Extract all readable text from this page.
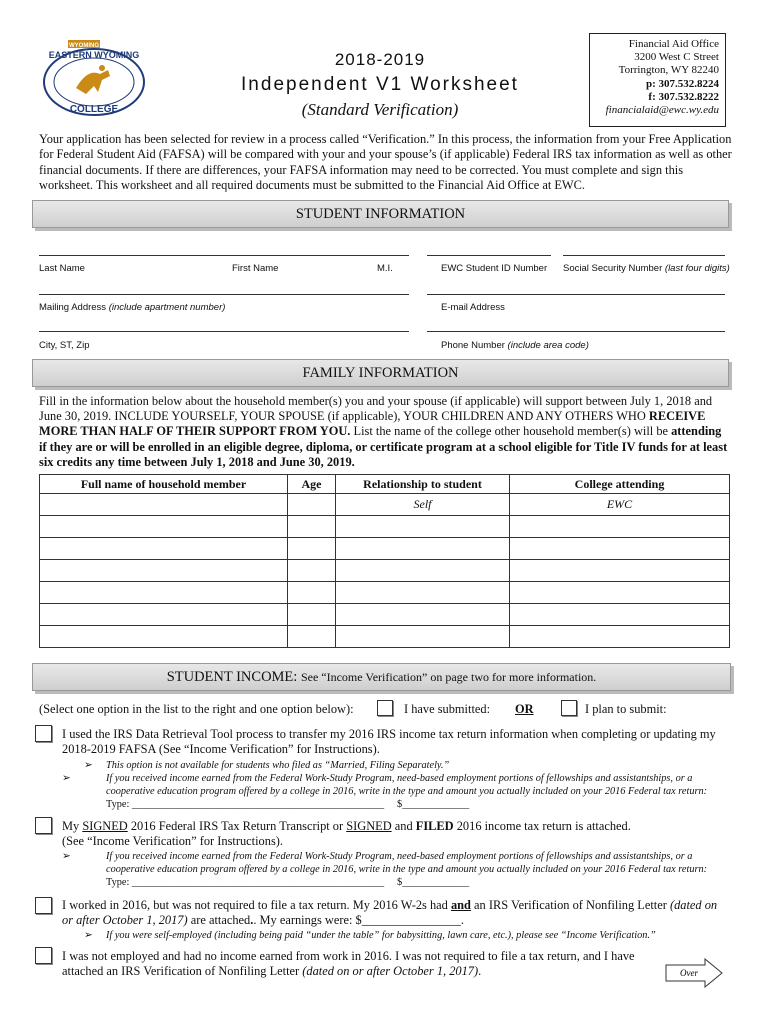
WYOMING
EASTERN WYOMING
COLLEGE
2018-2019
Independent V1 Worksheet
(Standard Verification)
Financial Aid Office
3200 West C Street
Torrington, WY 82240
p: 307.532.8224
f: 307.532.8222
financialaid@ewc.wy.edu
Your application has been selected for review in a process called “Verification.” In this process, the information from your Free Application for Federal Student Aid (FAFSA) will be compared with your and your spouse’s (if applicable) Federal IRS tax information as well as other financial documents. If there are differences, your FAFSA information may need to be corrected. You must complete and sign this worksheet. This worksheet and all required documents must be submitted to the Financial Aid Office at EWC.
STUDENT INFORMATION
Last Name	First Name	M.I.	EWC Student ID Number Social Security Number (last four digits)
Mailing Address (include apartment number)	E-mail Address
City, ST, Zip	Phone Number (include area code)
FAMILY INFORMATION
Fill in the information below about the household member(s) you and your spouse (if applicable) will support between July 1, 2018 and June 30, 2019. INCLUDE YOURSELF, YOUR SPOUSE (if applicable), YOUR CHILDREN AND ANY OTHERS WHO RECEIVE MORE THAN HALF OF THEIR SUPPORT FROM YOU. List the name of the college other household member(s) will be attending if they are or will be enrolled in an eligible degree, diploma, or certificate program at a school eligible for Title IV funds for at least six credits any time between July 1, 2018 and June 30, 2019.
Full name of household member	Age	Relationship to student	College attending
		Self	EWC

STUDENT INCOME: See “Income Verification” on page two for more information.
(Select one option in the list to the right and one option below):	I have submitted: OR	I plan to submit:
I used the IRS Data Retrieval Tool process to transfer my 2016 IRS income tax return information when completing or updating my 2018-2019 FAFSA (See “Income Verification” for Instructions).
➢ This option is not available for students who filed as “Married, Filing Separately.”
➢	If you received income earned from the Federal Work-Study Program, need-based employment portions of fellowships and assistantships, or a cooperative education program offered by a college in 2016, write in the type and amount you actually included on your 2016 Federal tax return: Type: _________________________________________________ $_____________
My SIGNED 2016 Federal IRS Tax Return Transcript or SIGNED and FILED 2016 income tax return is attached.
(See “Income Verification” for Instructions).
➢	If you received income earned from the Federal Work-Study Program, need-based employment portions of fellowships and assistantships, or a cooperative education program offered by a college in 2016, write in the type and amount you actually included on your 2016 Federal tax return: Type: _________________________________________________ $_____________
I worked in 2016, but was not required to file a tax return. My 2016 W-2s had and an IRS Verification of Nonfiling Letter (dated on or after October 1, 2017) are attached.. My earnings were: $________________.
➢ If you were self-employed (including being paid “under the table” for babysitting, lawn care, etc.), please see “Income Verification.”
I was not employed and had no income earned from work in 2016. I was not required to file a tax return, and I have attached an IRS Verification of Nonfiling Letter (dated on or after October 1, 2017).	Over
